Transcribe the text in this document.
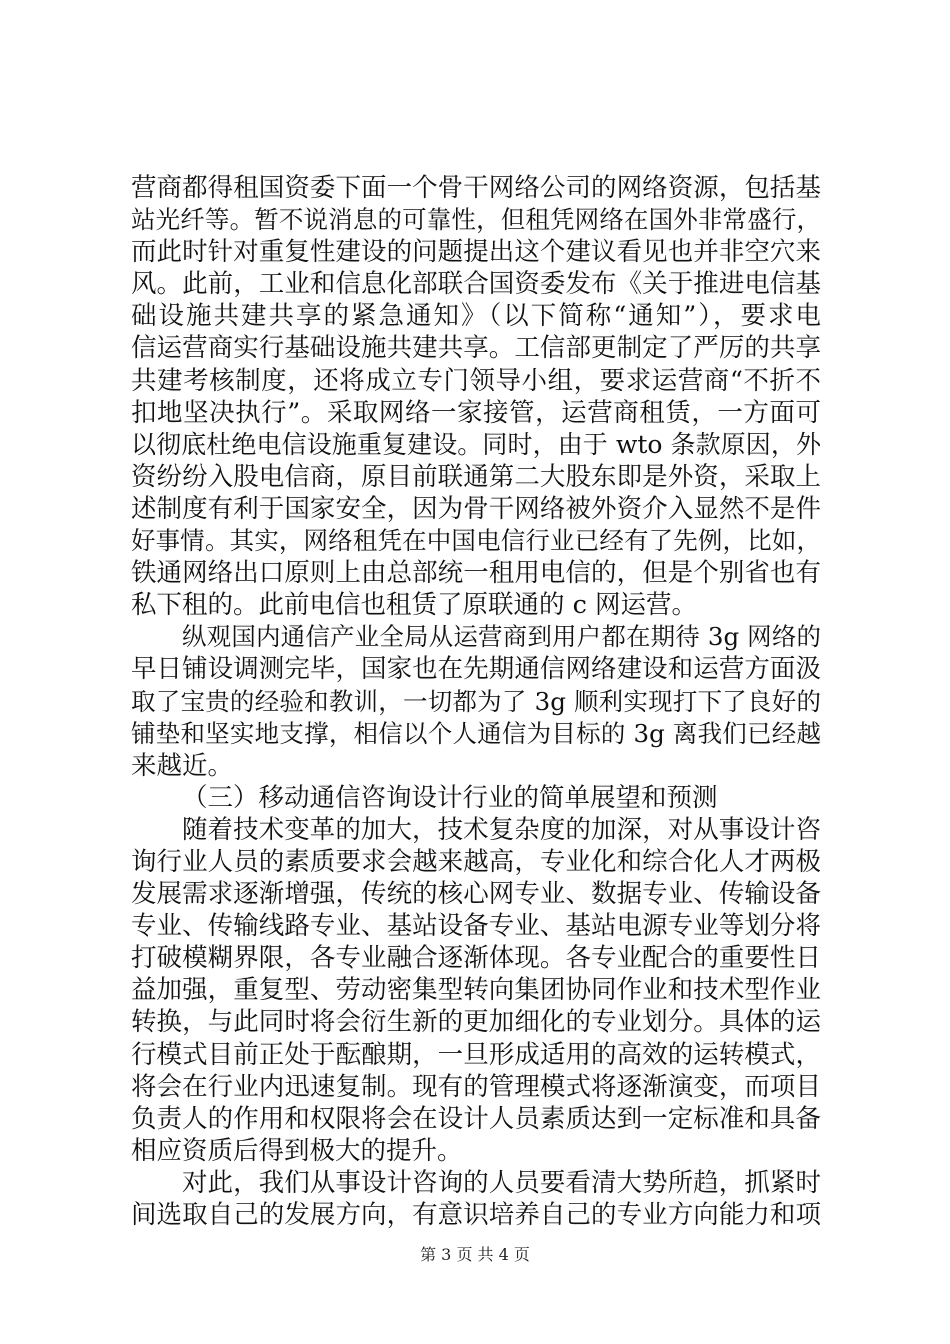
营商都得租国资委下面一个骨干网络公司的网络资源，包括基
站光纤等。暂不说消息的可靠性，但租凭网络在国外非常盛行，
而此时针对重复性建设的问题提出这个建议看见也并非空穴来
风。此前，工业和信息化部联合国资委发布《关于推进电信基
础设施共建共享的紧急通知》（以下简称“通知”），要求电
信运营商实行基础设施共建共享。工信部更制定了严厉的共享
共建考核制度，还将成立专门领导小组，要求运营商“不折不
扣地坚决执行”。采取网络一家接管，运营商租赁，一方面可
以彻底杜绝电信设施重复建设。同时，由于 wto 条款原因，外
资纷纷入股电信商，原目前联通第二大股东即是外资，采取上
述制度有利于国家安全，因为骨干网络被外资介入显然不是件
好事情。其实，网络租凭在中国电信行业已经有了先例，比如，
铁通网络出口原则上由总部统一租用电信的，但是个别省也有
私下租的。此前电信也租赁了原联通的 c 网运营。
纵观国内通信产业全局从运营商到用户都在期待 3g 网络的
早日铺设调测完毕，国家也在先期通信网络建设和运营方面汲
取了宝贵的经验和教训，一切都为了 3g 顺利实现打下了良好的
铺垫和坚实地支撑，相信以个人通信为目标的 3g 离我们已经越
来越近。
（三）移动通信咨询设计行业的简单展望和预测
随着技术变革的加大，技术复杂度的加深，对从事设计咨
询行业人员的素质要求会越来越高，专业化和综合化人才两极
发展需求逐渐增强，传统的核心网专业、数据专业、传输设备
专业、传输线路专业、基站设备专业、基站电源专业等划分将
打破模糊界限，各专业融合逐渐体现。各专业配合的重要性日
益加强，重复型、劳动密集型转向集团协同作业和技术型作业
转换，与此同时将会衍生新的更加细化的专业划分。具体的运
行模式目前正处于酝酿期，一旦形成适用的高效的运转模式，
将会在行业内迅速复制。现有的管理模式将逐渐演变，而项目
负责人的作用和权限将会在设计人员素质达到一定标准和具备
相应资质后得到极大的提升。
对此，我们从事设计咨询的人员要看清大势所趋，抓紧时
间选取自己的发展方向，有意识培养自己的专业方向能力和项
第 3 页 共 4 页
